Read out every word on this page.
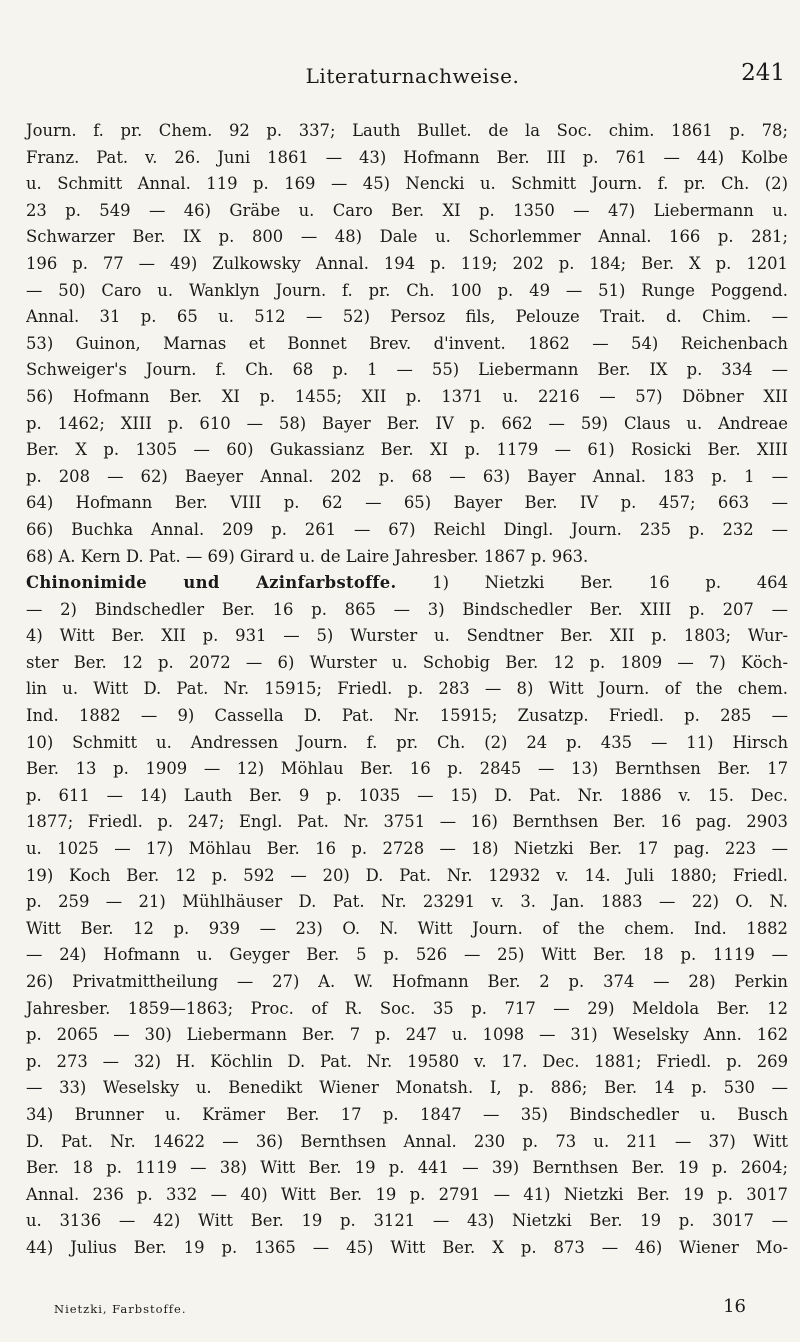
Literaturnachweise.	241
Journ. f. pr. Chem. 92 p. 337; Lauth Bullet. de la Soc. chim. 1861 p. 78;
Franz. Pat. v. 26. Juni 1861 — 43) Hofmann Ber. III p. 761 — 44) Kolbe
u. Schmitt Annal. 119 p. 169 — 45) Nencki u. Schmitt Journ. f. pr. Ch. (2)
23 p. 549 — 46) Gräbe u. Caro Ber. XI p. 1350 — 47) Liebermann u.
Schwarzer Ber. IX p. 800 — 48) Dale u. Schorlemmer Annal. 166 p. 281;
196 p. 77 — 49) Zulkowsky Annal. 194 p. 119; 202 p. 184; Ber. X p. 1201
— 50) Caro u. Wanklyn Journ. f. pr. Ch. 100 p. 49 — 51) Runge Poggend.
Annal. 31 p. 65 u. 512 — 52) Persoz fils, Pelouze Trait. d. Chim. —
53) Guinon, Marnas et Bonnet Brev. d'invent. 1862 — 54) Reichenbach
Schweiger's Journ. f. Ch. 68 p. 1 — 55) Liebermann Ber. IX p. 334 —
56) Hofmann Ber. XI p. 1455; XII p. 1371 u. 2216 — 57) Döbner XII
p. 1462; XIII p. 610 — 58) Bayer Ber. IV p. 662 — 59) Claus u. Andreae
Ber. X p. 1305 — 60) Gukassianz Ber. XI p. 1179 — 61) Rosicki Ber. XIII
p. 208 — 62) Baeyer Annal. 202 p. 68 — 63) Bayer Annal. 183 p. 1 —
64) Hofmann Ber. VIII p. 62 — 65) Bayer Ber. IV p. 457; 663 —
66) Buchka Annal. 209 p. 261 — 67) Reichl Dingl. Journ. 235 p. 232 —
68) A. Kern D. Pat. — 69) Girard u. de Laire Jahresber. 1867 p. 963.
Chinonimide und Azinfarbstoffe. 1) Nietzki Ber. 16 p. 464
— 2) Bindschedler Ber. 16 p. 865 — 3) Bindschedler Ber. XIII p. 207 —
4) Witt Ber. XII p. 931 — 5) Wurster u. Sendtner Ber. XII p. 1803; Wur-
ster Ber. 12 p. 2072 — 6) Wurster u. Schobig Ber. 12 p. 1809 — 7) Köch-
lin u. Witt D. Pat. Nr. 15915; Friedl. p. 283 — 8) Witt Journ. of the chem.
Ind. 1882 — 9) Cassella D. Pat. Nr. 15915; Zusatzp. Friedl. p. 285 —
10) Schmitt u. Andressen Journ. f. pr. Ch. (2) 24 p. 435 — 11) Hirsch
Ber. 13 p. 1909 — 12) Möhlau Ber. 16 p. 2845 — 13) Bernthsen Ber. 17
p. 611 — 14) Lauth Ber. 9 p. 1035 — 15) D. Pat. Nr. 1886 v. 15. Dec.
1877; Friedl. p. 247; Engl. Pat. Nr. 3751 — 16) Bernthsen Ber. 16 pag. 2903
u. 1025 — 17) Möhlau Ber. 16 p. 2728 — 18) Nietzki Ber. 17 pag. 223 —
19) Koch Ber. 12 p. 592 — 20) D. Pat. Nr. 12932 v. 14. Juli 1880; Friedl.
p. 259 — 21) Mühlhäuser D. Pat. Nr. 23291 v. 3. Jan. 1883 — 22) O. N.
Witt Ber. 12 p. 939 — 23) O. N. Witt Journ. of the chem. Ind. 1882
— 24) Hofmann u. Geyger Ber. 5 p. 526 — 25) Witt Ber. 18 p. 1119 —
26) Privatmittheilung — 27) A. W. Hofmann Ber. 2 p. 374 — 28) Perkin
Jahresber. 1859—1863; Proc. of R. Soc. 35 p. 717 — 29) Meldola Ber. 12
p. 2065 — 30) Liebermann Ber. 7 p. 247 u. 1098 — 31) Weselsky Ann. 162
p. 273 — 32) H. Köchlin D. Pat. Nr. 19580 v. 17. Dec. 1881; Friedl. p. 269
— 33) Weselsky u. Benedikt Wiener Monatsh. I, p. 886; Ber. 14 p. 530 —
34) Brunner u. Krämer Ber. 17 p. 1847 — 35) Bindschedler u. Busch
D. Pat. Nr. 14622 — 36) Bernthsen Annal. 230 p. 73 u. 211 — 37) Witt
Ber. 18 p. 1119 — 38) Witt Ber. 19 p. 441 — 39) Bernthsen Ber. 19 p. 2604;
Annal. 236 p. 332 — 40) Witt Ber. 19 p. 2791 — 41) Nietzki Ber. 19 p. 3017
u. 3136 — 42) Witt Ber. 19 p. 3121 — 43) Nietzki Ber. 19 p. 3017 —
44) Julius Ber. 19 p. 1365 — 45) Witt Ber. X p. 873 — 46) Wiener Mo-
Nietzki, Farbstoffe.	16
